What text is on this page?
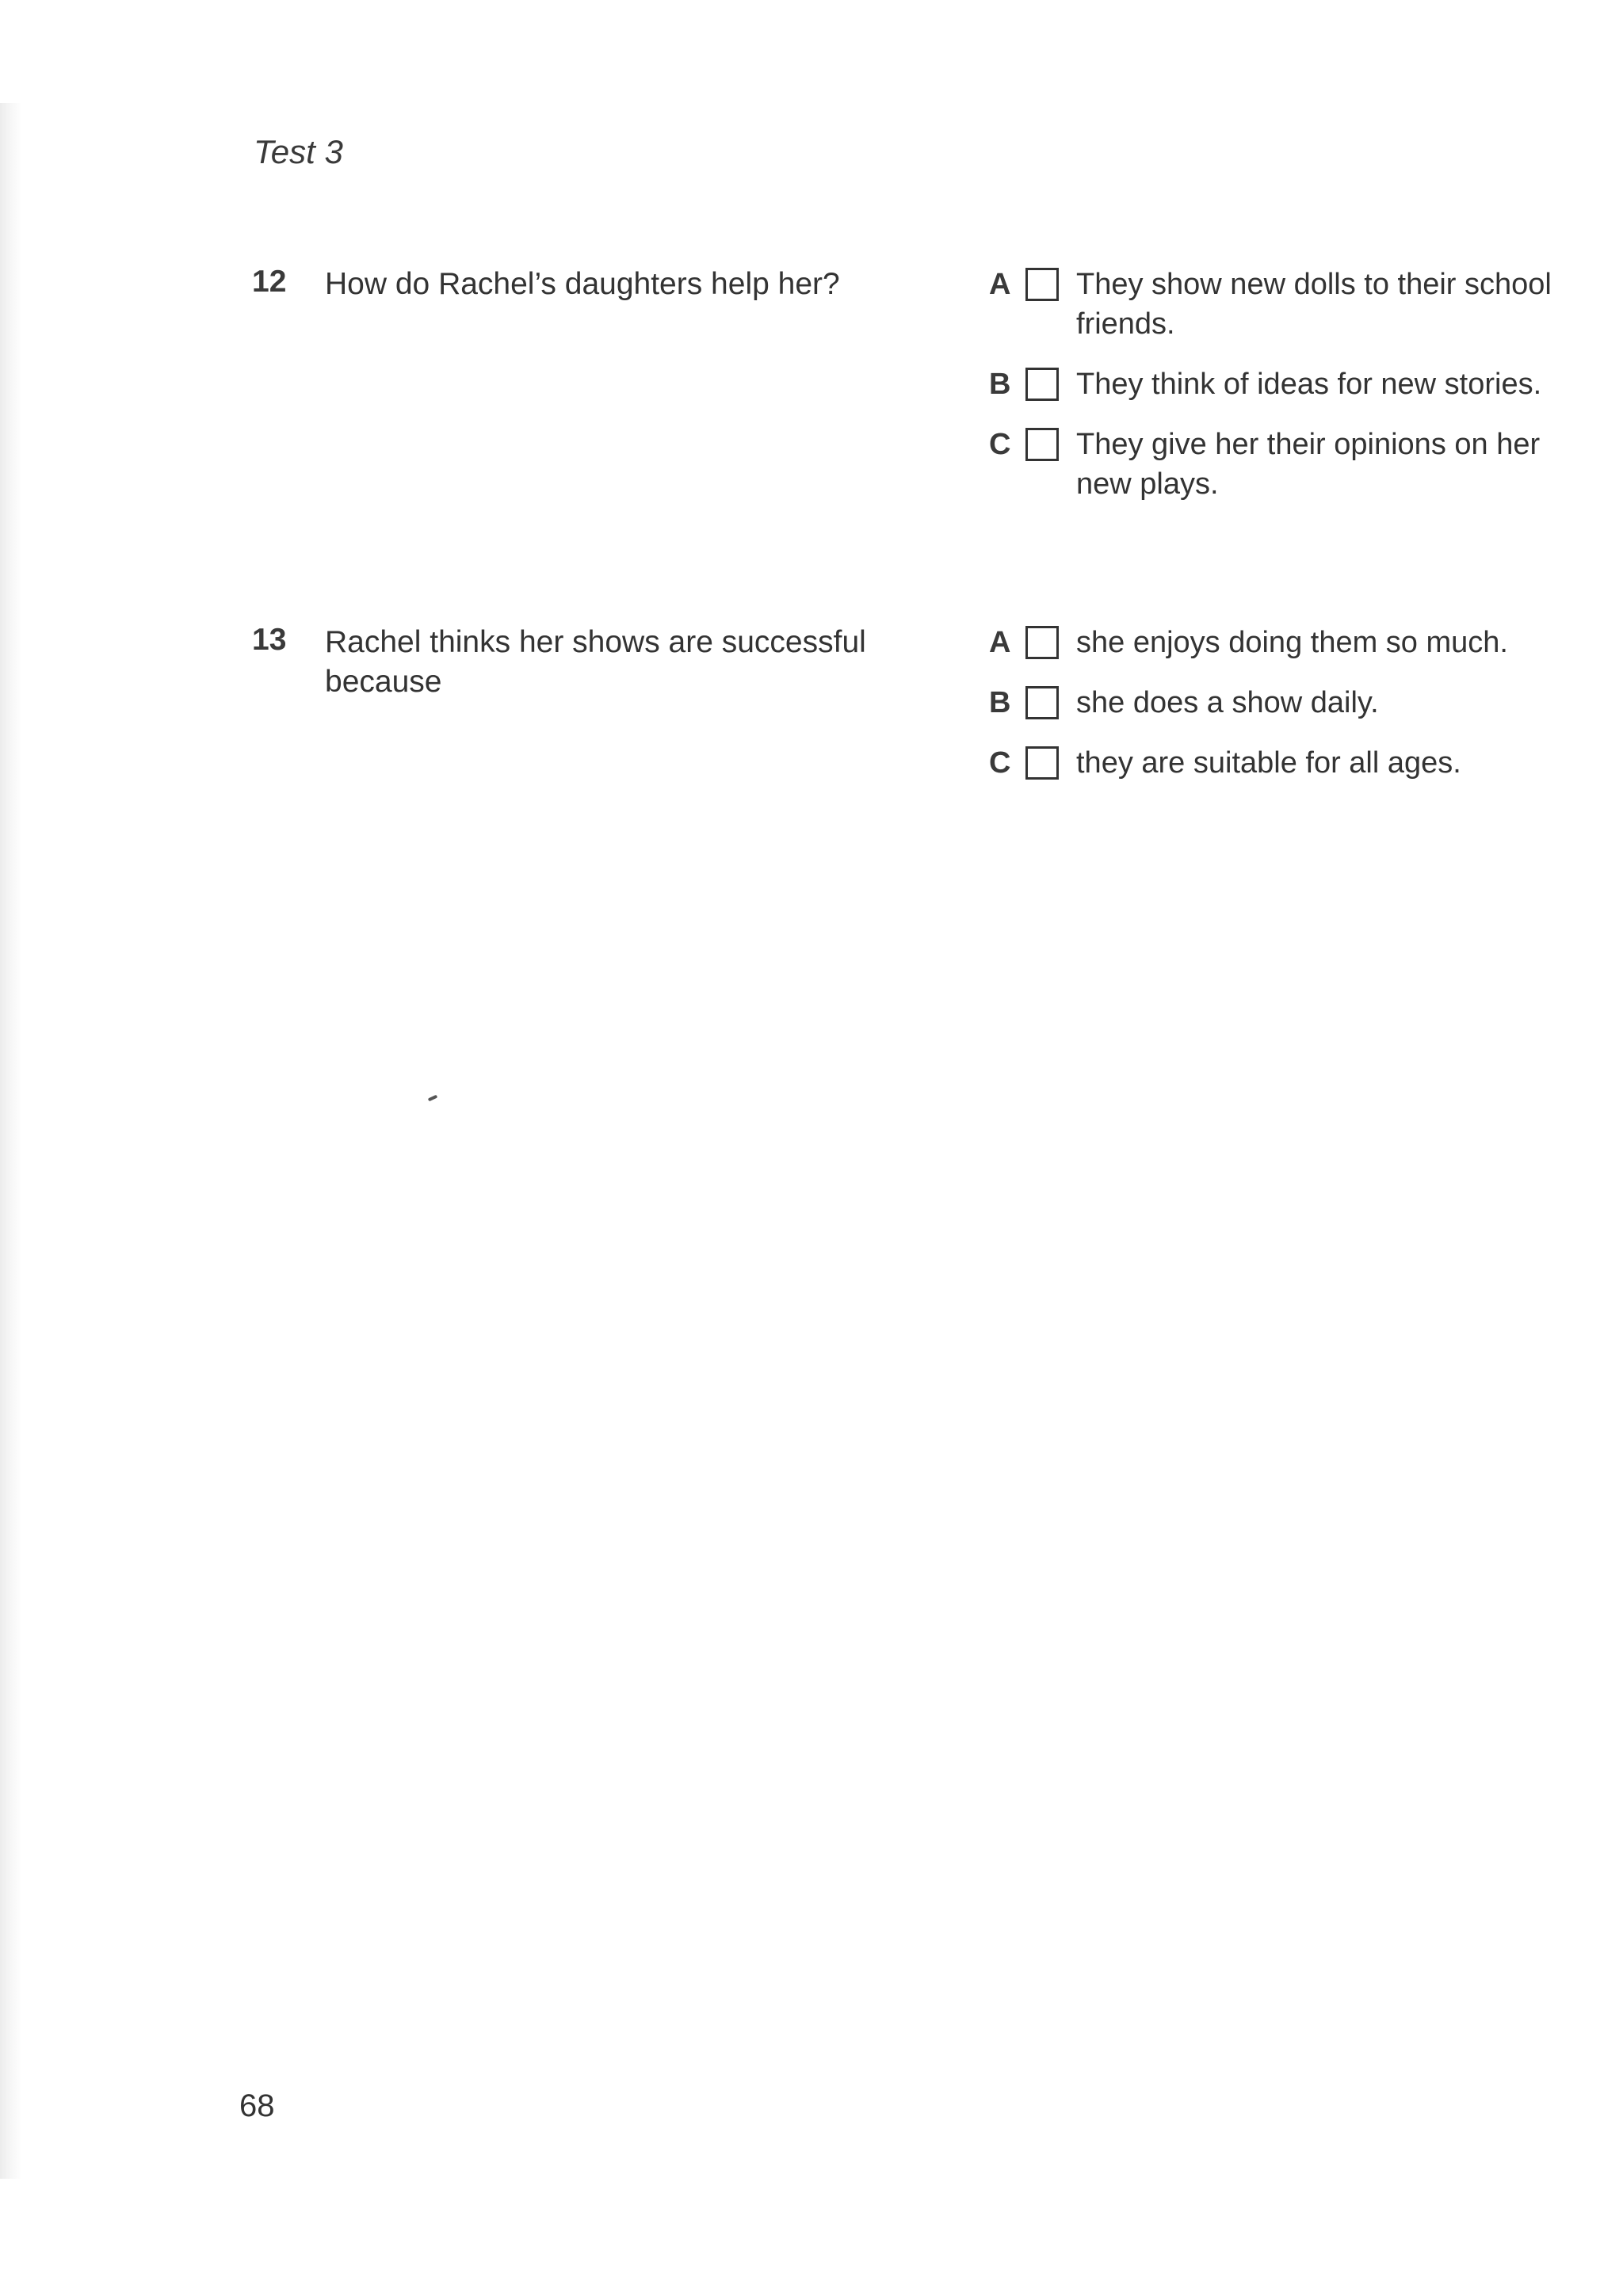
Test 3
12 How do Rachel’s daughters help her?	A	They show new dolls to their school friends.
B	They think of ideas for new stories.
C	They give her their opinions on her new plays.
13 Rachel thinks her shows are successful because
A	she enjoys doing them so much.
B	she does a show daily.
C	they are suitable for all ages.
68
